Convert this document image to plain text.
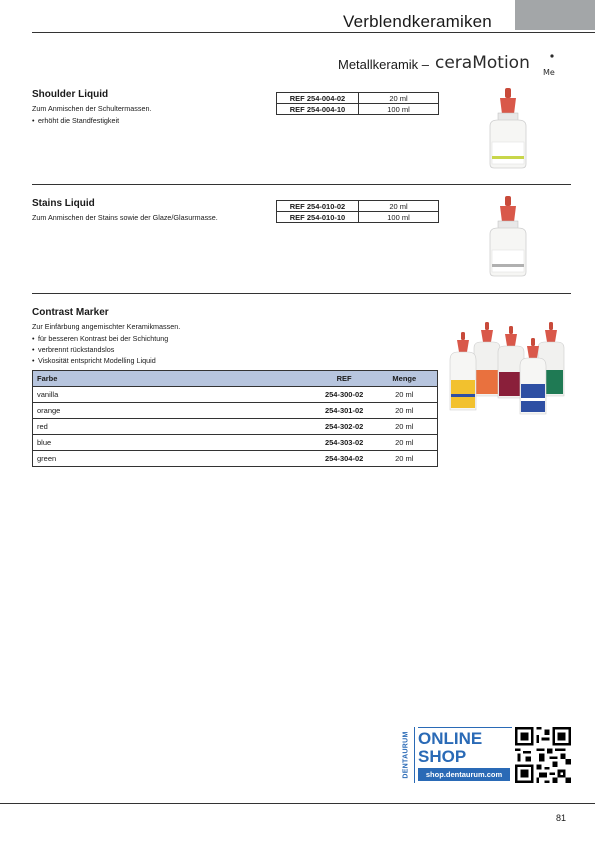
Verblendkeramiken
Metallkeramik – ceraMotion Me
Shoulder Liquid
Zum Anmischen der Schultermassen.
• erhöht die Standfestigkeit
REF 254-004-02	20 ml
REF 254-004-10	100 ml
Stains Liquid
Zum Anmischen der Stains sowie der Glaze/Glasurmasse.
REF 254-010-02	20 ml
REF 254-010-10	100 ml
Contrast Marker
Zur Einfärbung angemischter Keramikmassen.
• für besseren Kontrast bei der Schichtung
• verbrennt rückstandslos
• Viskosität entspricht Modelling Liquid
Farbe	REF	Menge
vanilla	254-300-02	20 ml
orange	254-301-02	20 ml
red	254-302-02	20 ml
blue	254-303-02	20 ml
green	254-304-02	20 ml
DENTAURUM ONLINE
SHOP
shop.dentaurum.com
81
